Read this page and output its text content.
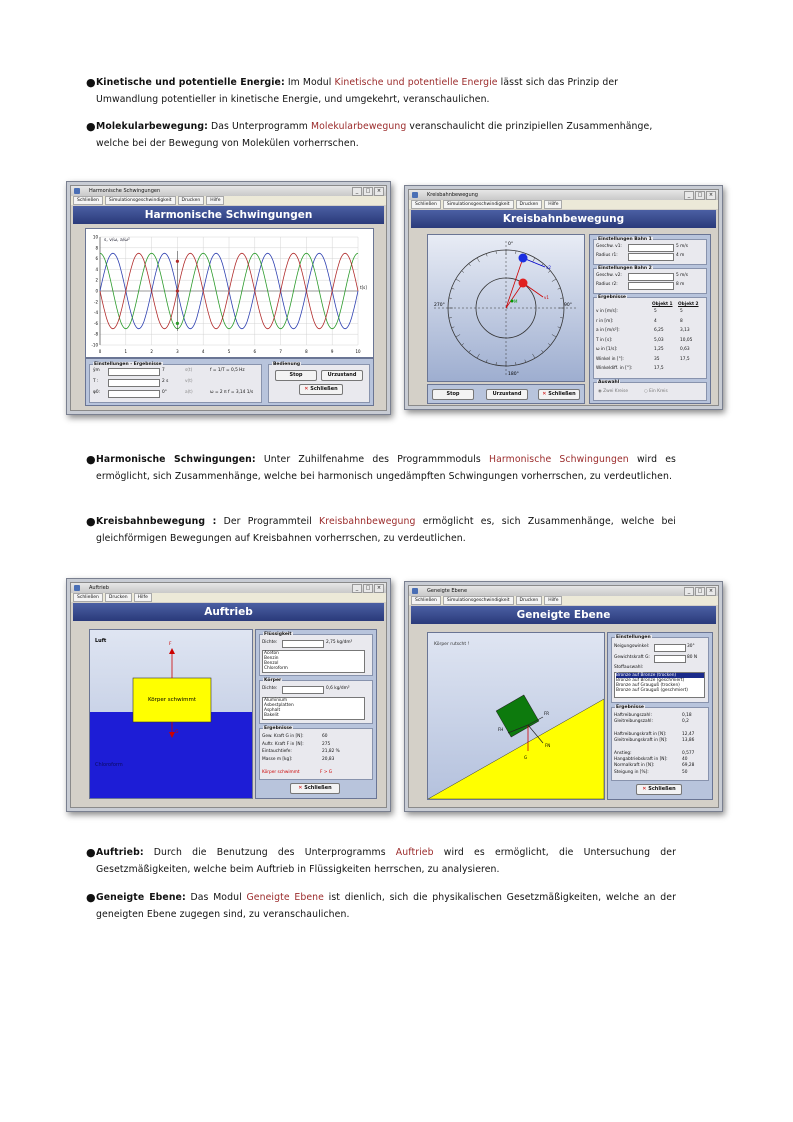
● Kinetische und potentielle Energie: Im Modul Kinetische und potentielle Energie lässt sich das Prinzip der Umwandlung potentieller in kinetische Energie, und umgekehrt, veranschaulichen.
● Molekularbewegung: Das Unterprogramm Molekularbewegung veranschaulicht die prinzipiellen Zusammenhänge, welche bei der Bewegung von Molekülen vorherrschen.
● Harmonische Schwingungen: Unter Zuhilfenahme des Programmmoduls Harmonische Schwingungen wird es ermöglicht, sich Zusammenhänge, welche bei harmonisch ungedämpften Schwingungen vorherrschen, zu verdeutlichen.
● Kreisbahnbewegung : Der Programmteil Kreisbahnbewegung ermöglicht es, sich Zusammenhänge, welche bei gleichförmigen Bewegungen auf Kreisbahnen vorherrschen, zu verdeutlichen.
● Auftrieb: Durch die Benutzung des Unterprogramms Auftrieb wird es ermöglicht, die Untersuchung der Gesetzmäßigkeiten, welche beim Auftrieb in Flüssigkeiten herrschen, zu analysieren.
● Geneigte Ebene: Das Modul Geneigte Ebene ist dienlich, sich die physikalischen Gesetzmäßigkeiten, welche an der geneigten Ebene zugegen sind, zu veranschaulichen.
Harmonische Schwingungen	_	□	×
Schließen	Simulationsgeschwindigkeit	Drucken	Hilfe
Harmonische Schwingungen
0	1	2	3	4	5	6	7	8	9	10
-10
-8
-6
-4
-2
0
2
4
6
8
10
s, v/ω, a/ω²
t[s]
Einstellungen - Ergebnisse
ŷm	7	s(t)	f = 1/T = 0,5 Hz
T :	2 s	v(t)
φ0:	0°	a(t)	ω = 2 π f = 3,14 1/s
Bedienung
Stop	Urzustand
✕ Schließen
Kreisbahnbewegung	_	□	×
Schließen	Simulationsgeschwindigkeit	Drucken	Hilfe
Kreisbahnbewegung
0°
90°
180°
270°
v2
v1
M
Stop	Urzustand	✕ Schließen
Einstellungen Bahn 1
Geschw. v1:	5 m/s
Radius r1:	4 m
Einstellungen Bahn 2
Geschw. v2:	5 m/s
Radius r2:	8 m
Ergebnisse
Objekt 1 Objekt 2
v in [m/s]:	5	5
r in [m]:	4	8
a in [m/s²]:	6,25	3,13
T in [s]:	5,03	10,05
ω in [1/s]:	1,25	0,63
Winkel in [°]:	35	17,5
Winkeldiff. in [°]:	17,5
Auswahl
◉ Zwei Kreise	○ Ein Kreis
Auftrieb	_	□	×
Schließen	Drucken	Hilfe
Auftrieb
Luft
Körper schwimmt
F
G
Chloroform
Flüssigkeit
Dichte:	2,75 kg/dm³
Aceton
Benzin
Benzol
Chloroform
Körper
Dichte:	0,6 kg/dm³
Aluminium
Asbestplatten
Asphalt
Bakelit
Ergebnisse
Gew. Kraft G in [N]:	60
Auftr. Kraft F in [N]:	275
Eintauchtiefe:	21,82 %
Masse m [kg]:	20,83
Körper schwimmt	F > G
✕ Schließen
Geneigte Ebene	_	□	×
Schließen	Simulationsgeschwindigkeit	Drucken	Hilfe
Geneigte Ebene
Körper rutscht !
FR
FN
FH
G
Einstellungen
Neigungswinkel:	30°
Gewichtskraft G:	80 N
Stoffauswahl:
Bronze auf Bronze (trocken)
Bronze auf Bronze (geschmiert)
Bronze auf Grauguß (trocken)
Bronze auf Grauguß (geschmiert)
Ergebnisse
Haftreibungszahl:	0,18
Gleitreibungszahl:	0,2
Haftreibungskraft in [N]:	12,47
Gleitreibungskraft in [N]:	13,86
Anstieg:	0,577
Hangabtriebskraft in [N]:	40
Normalkraft in [N]:	69,28
Steigung in [%]:	50
✕ Schließen
